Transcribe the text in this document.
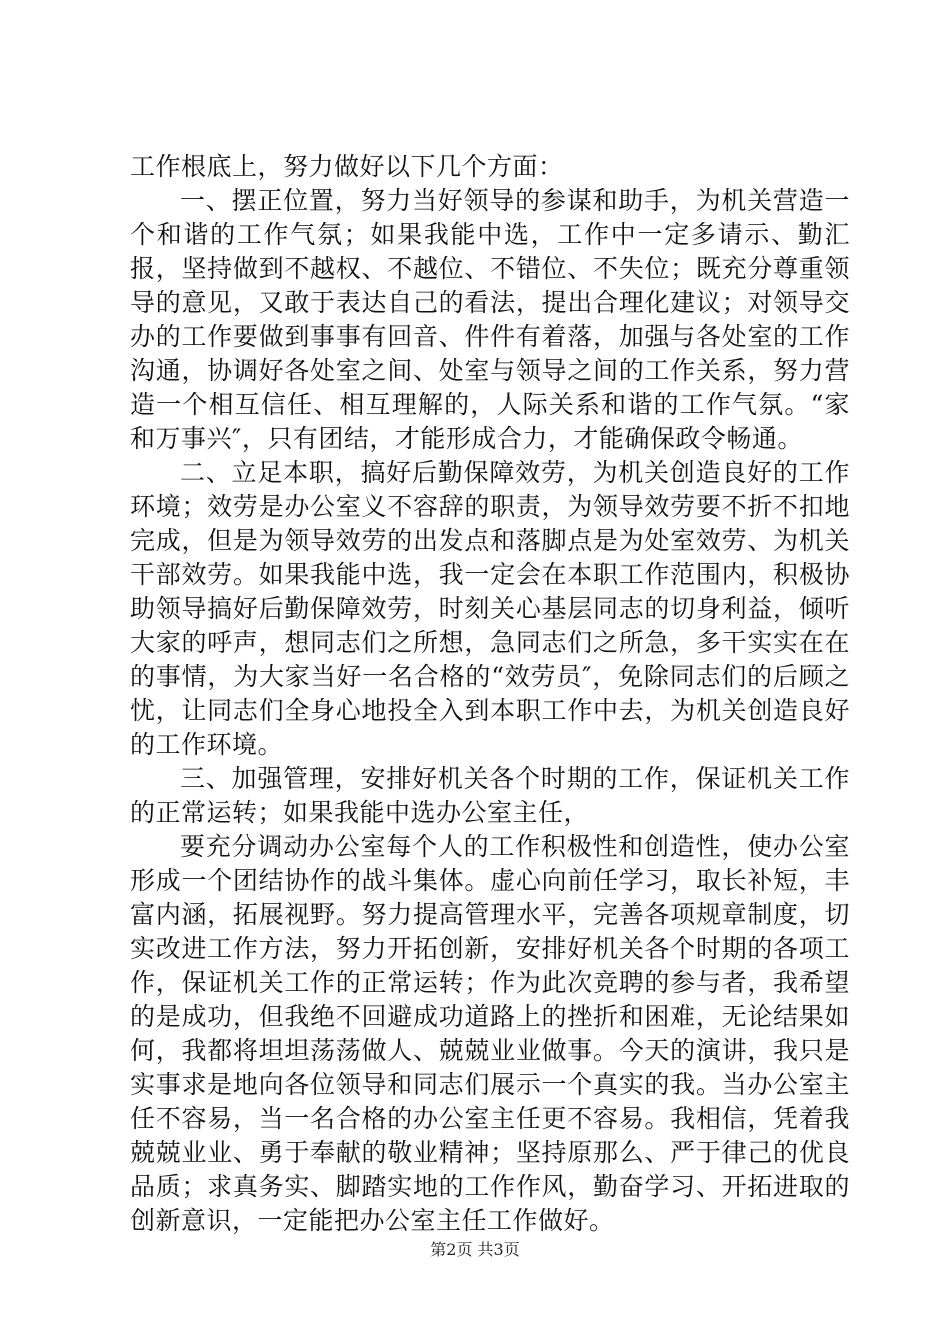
工作根底上，努力做好以下几个方面：

一、摆正位置，努力当好领导的参谋和助手，为机关营造一个和谐的工作气氛；如果我能中选，工作中一定多请示、勤汇报，坚持做到不越权、不越位、不错位、不失位；既充分尊重领导的意见，又敢于表达自己的看法，提出合理化建议；对领导交办的工作要做到事事有回音、件件有着落，加强与各处室的工作沟通，协调好各处室之间、处室与领导之间的工作关系，努力营造一个相互信任、相互理解的，人际关系和谐的工作气氛。“家和万事兴″，只有团结，才能形成合力，才能确保政令畅通。

二、立足本职，搞好后勤保障效劳，为机关创造良好的工作环境；效劳是办公室义不容辞的职责，为领导效劳要不折不扣地完成，但是为领导效劳的出发点和落脚点是为处室效劳、为机关干部效劳。如果我能中选，我一定会在本职工作范围内，积极协助领导搞好后勤保障效劳，时刻关心基层同志的切身利益，倾听大家的呼声，想同志们之所想，急同志们之所急，多干实实在在的事情，为大家当好一名合格的“效劳员″，免除同志们的后顾之忧，让同志们全身心地投全入到本职工作中去，为机关创造良好的工作环境。

三、加强管理，安排好机关各个时期的工作，保证机关工作的正常运转；如果我能中选办公室主任，

要充分调动办公室每个人的工作积极性和创造性，使办公室形成一个团结协作的战斗集体。虚心向前任学习，取长补短，丰富内涵，拓展视野。努力提高管理水平，完善各项规章制度，切实改进工作方法，努力开拓创新，安排好机关各个时期的各项工作，保证机关工作的正常运转；作为此次竞聘的参与者，我希望的是成功，但我绝不回避成功道路上的挫折和困难，无论结果如何，我都将坦坦荡荡做人、兢兢业业做事。今天的演讲，我只是实事求是地向各位领导和同志们展示一个真实的我。当办公室主任不容易，当一名合格的办公室主任更不容易。我相信，凭着我兢兢业业、勇于奉献的敬业精神；坚持原那么、严于律己的优良品质；求真务实、脚踏实地的工作作风，勤奋学习、开拓进取的创新意识，一定能把办公室主任工作做好。

第2页 共3页
